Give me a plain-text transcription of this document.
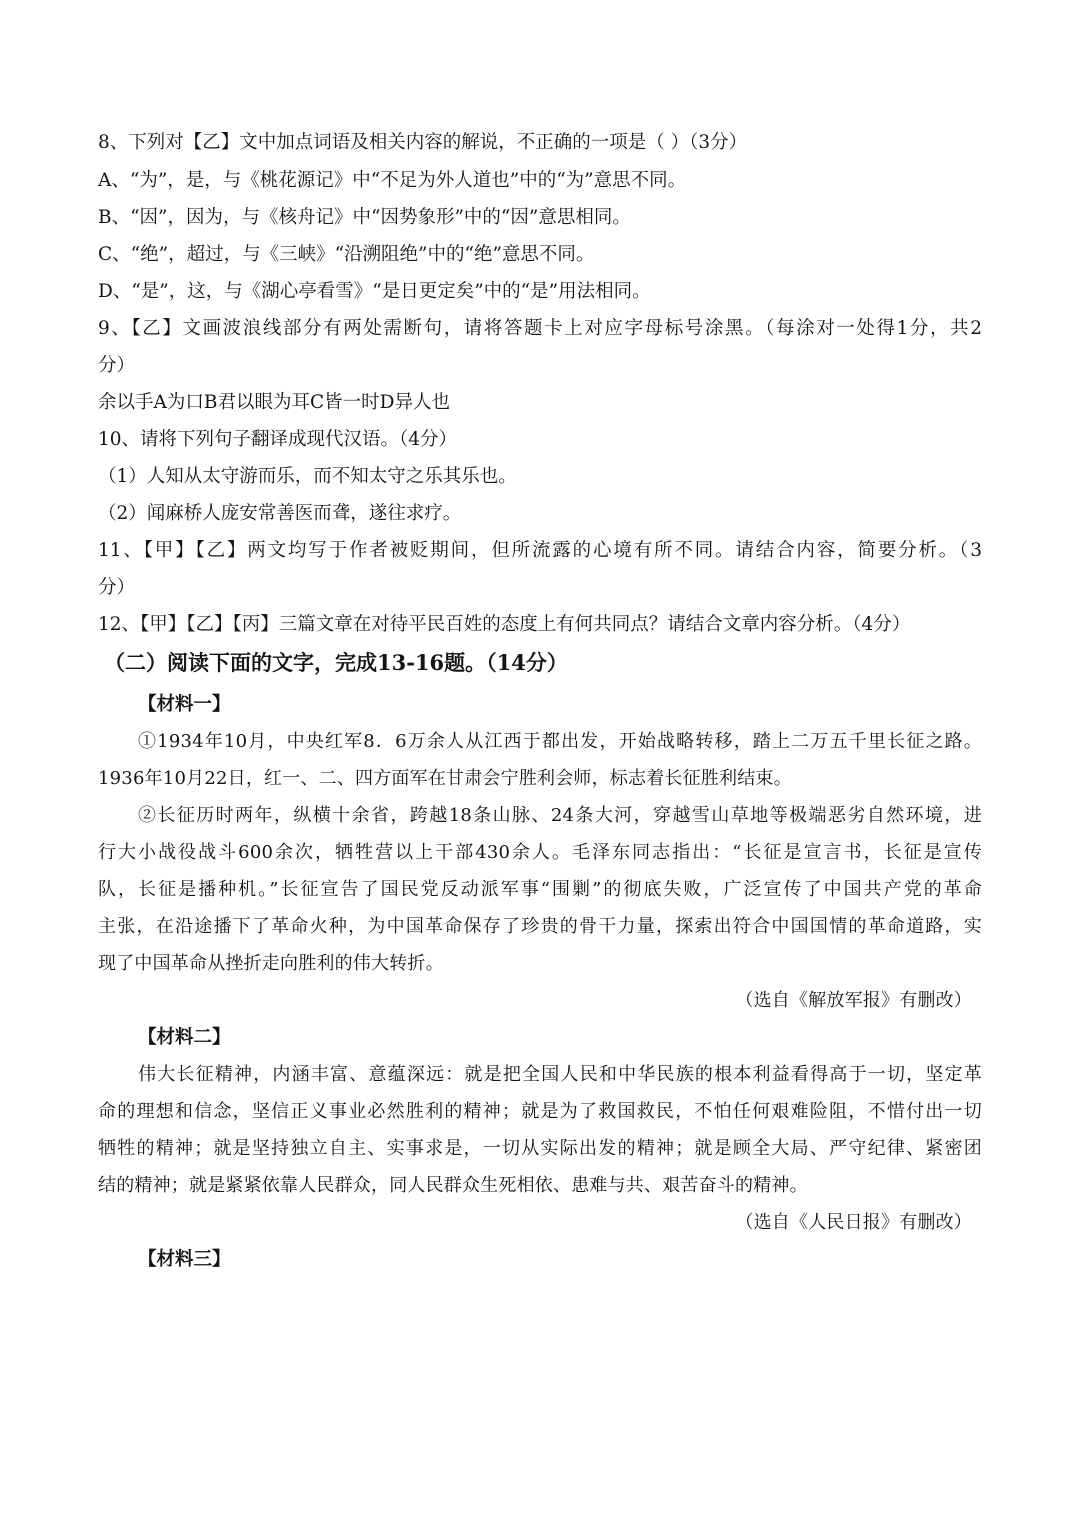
8、下列对【乙】文中加点词语及相关内容的解说，不正确的一项是（ ）（3分）
A、“为”，是，与《桃花源记》中“不足为外人道也”中的“为”意思不同。
B、“因”，因为，与《核舟记》中“因势象形”中的“因”意思相同。
C、“绝”，超过，与《三峡》“沿溯阻绝”中的“绝”意思不同。
D、“是”，这，与《湖心亭看雪》“是日更定矣”中的“是”用法相同。
9、【乙】文画波浪线部分有两处需断句，请将答题卡上对应字母标号涂黑。（每涂对一处得1分，共2
分）
余以手A为口B君以眼为耳C皆一时D异人也
10、请将下列句子翻译成现代汉语。（4分）
（1）人知从太守游而乐，而不知太守之乐其乐也。
（2）闻麻桥人庞安常善医而聋，遂往求疗。
11、【甲】【乙】两文均写于作者被贬期间，但所流露的心境有所不同。请结合内容，简要分析。（3
分）
12、【甲】【乙】【丙】三篇文章在对待平民百姓的态度上有何共同点？请结合文章内容分析。（4分）
（二）阅读下面的文字，完成13-16题。（14分）
【材料一】
①1934年10月，中央红军8．6万余人从江西于都出发，开始战略转移，踏上二万五千里长征之路。
1936年10月22日，红一、二、四方面军在甘肃会宁胜利会师，标志着长征胜利结束。
②长征历时两年，纵横十余省，跨越18条山脉、24条大河，穿越雪山草地等极端恶劣自然环境，进
行大小战役战斗600余次，牺牲营以上干部430余人。毛泽东同志指出：“长征是宣言书，长征是宣传
队，长征是播种机。”长征宣告了国民党反动派军事“围剿”的彻底失败，广泛宣传了中国共产党的革命
主张，在沿途播下了革命火种，为中国革命保存了珍贵的骨干力量，探索出符合中国国情的革命道路，实
现了中国革命从挫折走向胜利的伟大转折。
（选自《解放军报》有删改）
【材料二】
伟大长征精神，内涵丰富、意蕴深远：就是把全国人民和中华民族的根本利益看得高于一切，坚定革
命的理想和信念，坚信正义事业必然胜利的精神；就是为了救国救民，不怕任何艰难险阻，不惜付出一切
牺牲的精神；就是坚持独立自主、实事求是，一切从实际出发的精神；就是顾全大局、严守纪律、紧密团
结的精神；就是紧紧依靠人民群众，同人民群众生死相依、患难与共、艰苦奋斗的精神。
（选自《人民日报》有删改）
【材料三】
